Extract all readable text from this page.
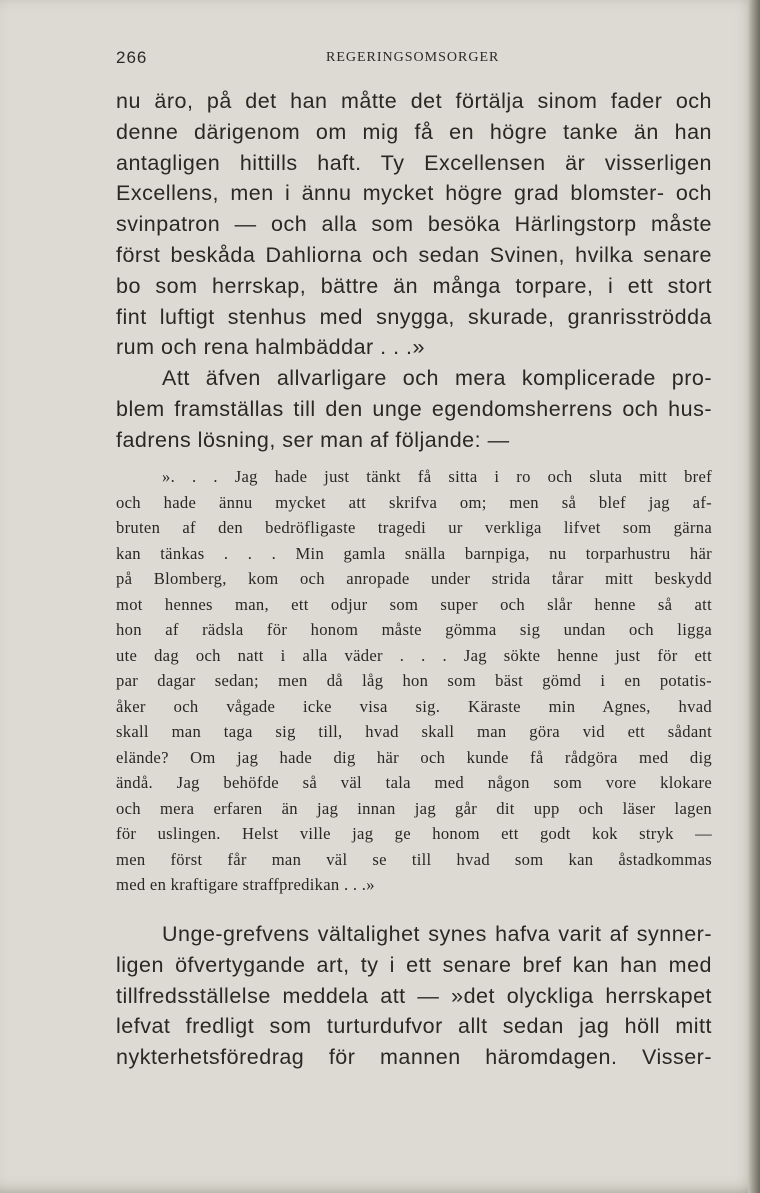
266	REGERINGSOMSORGER
nu äro, på det han måtte det förtälja sinom fader och
denne därigenom om mig få en högre tanke än han
antagligen hittills haft. Ty Excellensen är visserligen
Excellens, men i ännu mycket högre grad blomster- och
svinpatron — och alla som besöka Härlingstorp måste
först beskåda Dahliorna och sedan Svinen, hvilka senare
bo som herrskap, bättre än många torpare, i ett stort
fint luftigt stenhus med snygga, skurade, granrisströdda
rum och rena halmbäddar . . .»
Att äfven allvarligare och mera komplicerade pro-
blem framställas till den unge egendomsherrens och hus-
fadrens lösning, ser man af följande: —
». . . Jag hade just tänkt få sitta i ro och sluta mitt bref
och hade ännu mycket att skrifva om; men så blef jag af-
bruten af den bedröfligaste tragedi ur verkliga lifvet som gärna
kan tänkas . . . Min gamla snälla barnpiga, nu torparhustru här
på Blomberg, kom och anropade under strida tårar mitt beskydd
mot hennes man, ett odjur som super och slår henne så att
hon af rädsla för honom måste gömma sig undan och ligga
ute dag och natt i alla väder . . . Jag sökte henne just för ett
par dagar sedan; men då låg hon som bäst gömd i en potatis-
åker och vågade icke visa sig. Käraste min Agnes, hvad
skall man taga sig till, hvad skall man göra vid ett sådant
elände? Om jag hade dig här och kunde få rådgöra med dig
ändå. Jag behöfde så väl tala med någon som vore klokare
och mera erfaren än jag innan jag går dit upp och läser lagen
för uslingen. Helst ville jag ge honom ett godt kok stryk —
men först får man väl se till hvad som kan åstadkommas
med en kraftigare straffpredikan . . .»
Unge-grefvens vältalighet synes hafva varit af synner-
ligen öfvertygande art, ty i ett senare bref kan han med
tillfredsställelse meddela att — »det olyckliga herrskapet
lefvat fredligt som turturdufvor allt sedan jag höll mitt
nykterhetsföredrag för mannen häromdagen. Visser-
